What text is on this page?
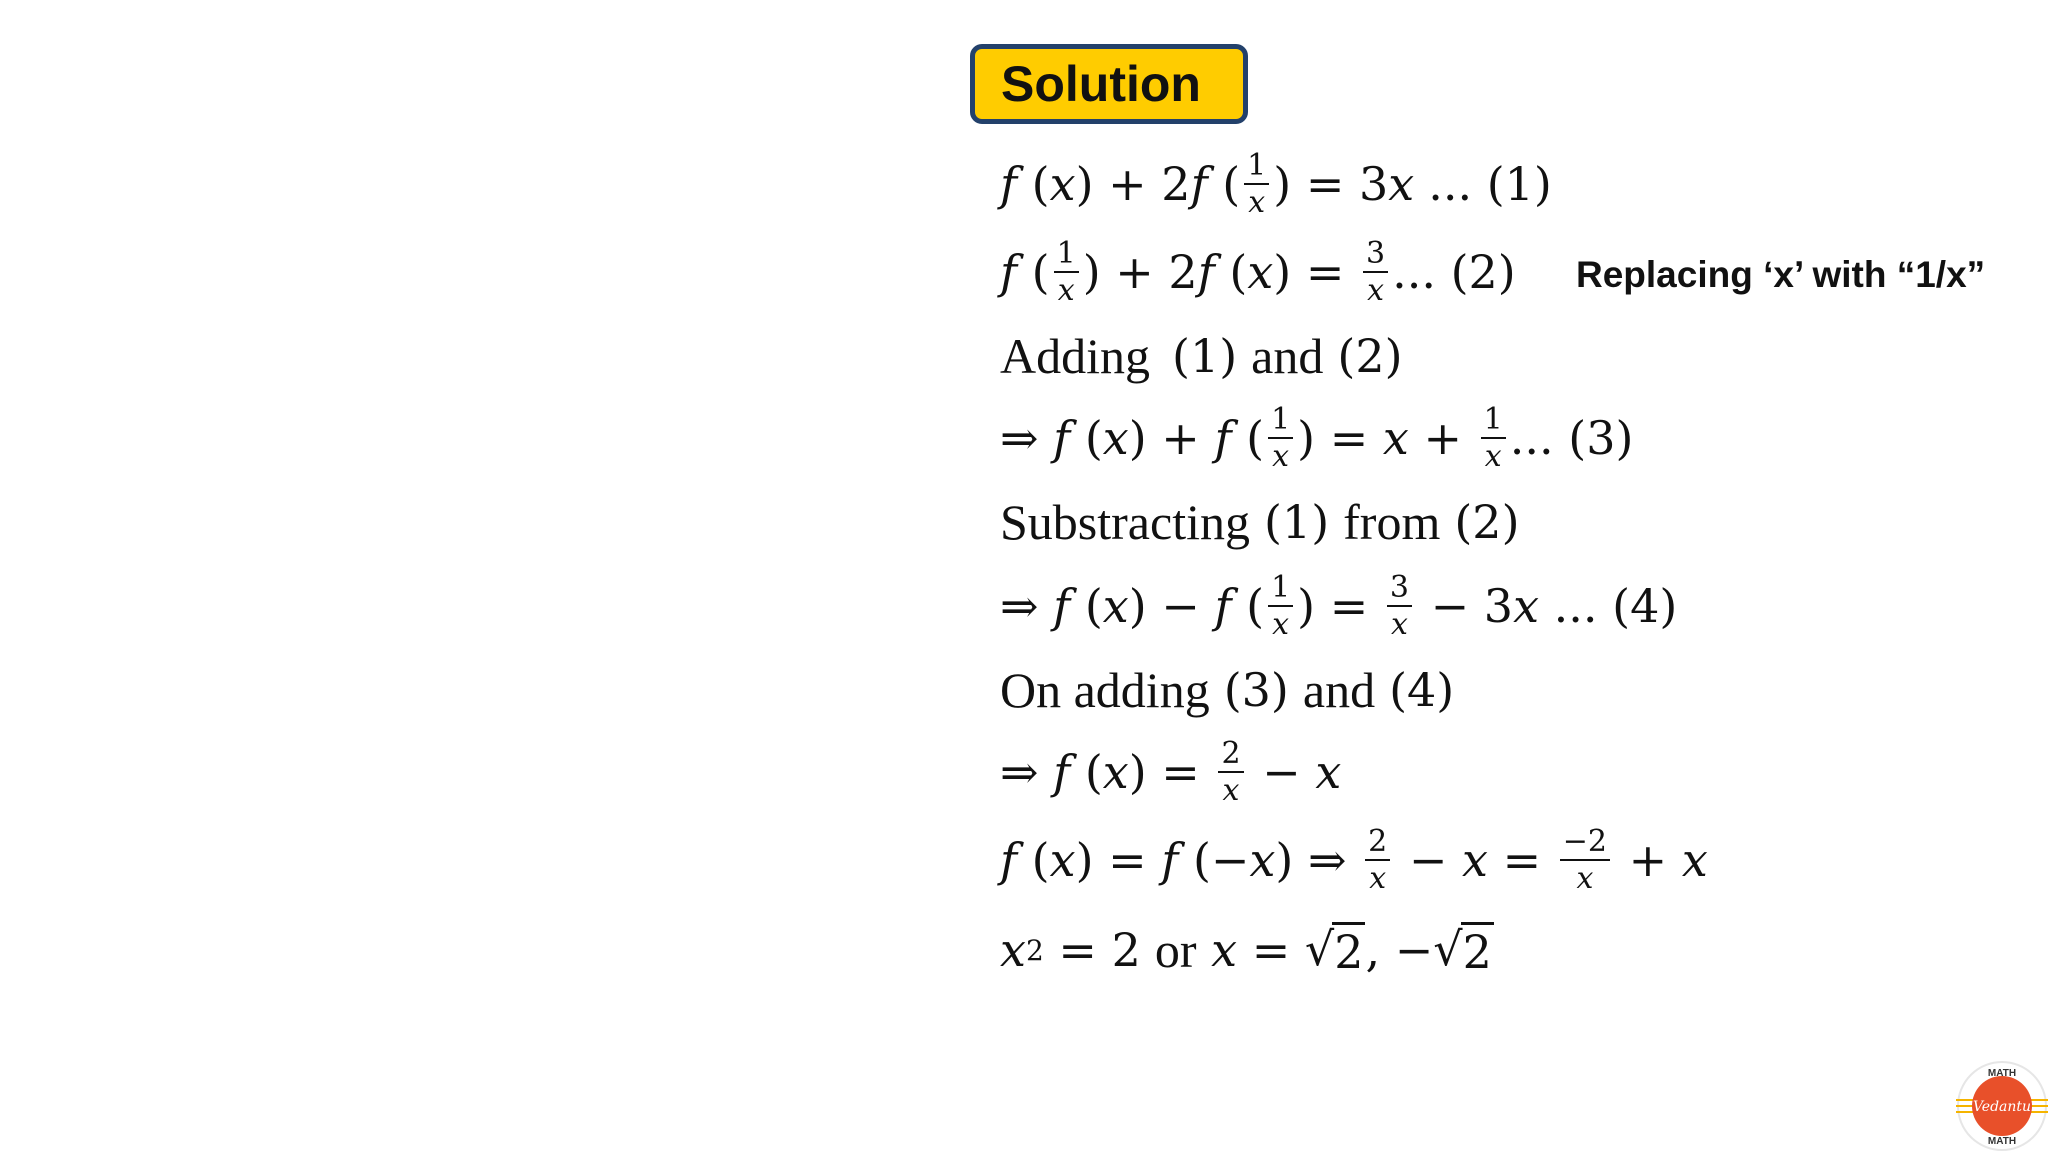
Solution
f ( x ) + 2 f ( $\frac{1}{x}$ ) = 3 x ... (1)
f ( $\frac{1}{x}$ ) + 2 f ( x ) = $\frac{3}{x}$ ... (2)
Adding (1) and (2)
⇒ f ( x ) + f ( $\frac{1}{x}$ ) = $x + \frac{1}{x}$ ... (3)
Substracting (1) from (2)
⇒ f ( x ) − f ( $\frac{1}{x}$ ) = $\frac{3}{x} - 3$ x ... (4)
On adding (3) and (4)
⇒ f ( x ) = $\frac{2}{x} - x$
f ( x ) = f (− x ) ⇒ $\frac{2}{x} - x = \frac{-2}{x} + x$
x 2 = 2 or
x = √ 2 , − √ 2
Replacing ‘x’ with “1/x”
MATH
MATH
Vedantu
